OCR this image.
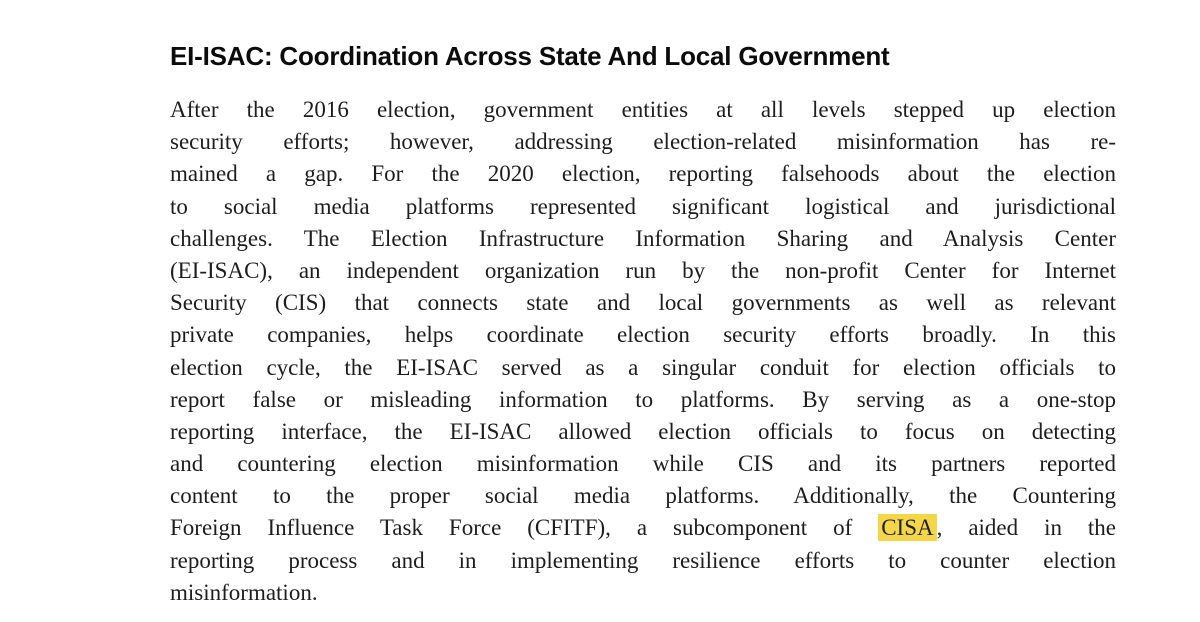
EI-ISAC: Coordination Across State And Local Government
After the 2016 election, government entities at all levels stepped up election
security efforts; however, addressing election-related misinformation has re-
mained a gap. For the 2020 election, reporting falsehoods about the election
to social media platforms represented significant logistical and jurisdictional
challenges. The Election Infrastructure Information Sharing and Analysis Center
(EI-ISAC), an independent organization run by the non-profit Center for Internet
Security (CIS) that connects state and local governments as well as relevant
private companies, helps coordinate election security efforts broadly. In this
election cycle, the EI-ISAC served as a singular conduit for election officials to
report false or misleading information to platforms. By serving as a one-stop
reporting interface, the EI-ISAC allowed election officials to focus on detecting
and countering election misinformation while CIS and its partners reported
content to the proper social media platforms. Additionally, the Countering
Foreign Influence Task Force (CFITF), a subcomponent of CISA , aided in the
reporting process and in implementing resilience efforts to counter election
misinformation.
